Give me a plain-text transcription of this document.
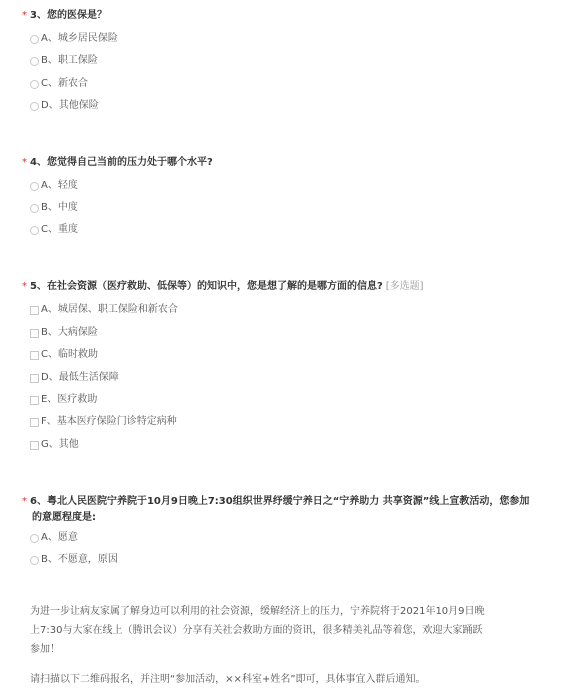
* 3、您的医保是？
A、城乡居民保险
B、职工保险
C、新农合
D、其他保险
* 4、您觉得自己当前的压力处于哪个水平?
A、轻度
B、中度
C、重度
* 5、在社会资源（医疗救助、低保等）的知识中，您是想了解的是哪方面的信息? [多选题]
A、城居保、职工保险和新农合
B、大病保险
C、临时救助
D、最低生活保障
E、医疗救助
F、基本医疗保险门诊特定病种
G、其他
* 6、粤北人民医院宁养院于10月9日晚上7:30组织世界纾缓宁养日之“宁养助力 共享资源”线上宣教活动，您参加
的意愿程度是:
A、愿意
B、不愿意，原因
为进一步让病友家属了解身边可以利用的社会资源，缓解经济上的压力，宁养院将于2021年10月9日晚
上7:30与大家在线上（腾讯会议）分享有关社会救助方面的资讯，很多精美礼品等着您，欢迎大家踊跃
参加！
请扫描以下二维码报名，并注明“参加活动，××科室+姓名”即可，具体事宜入群后通知。
